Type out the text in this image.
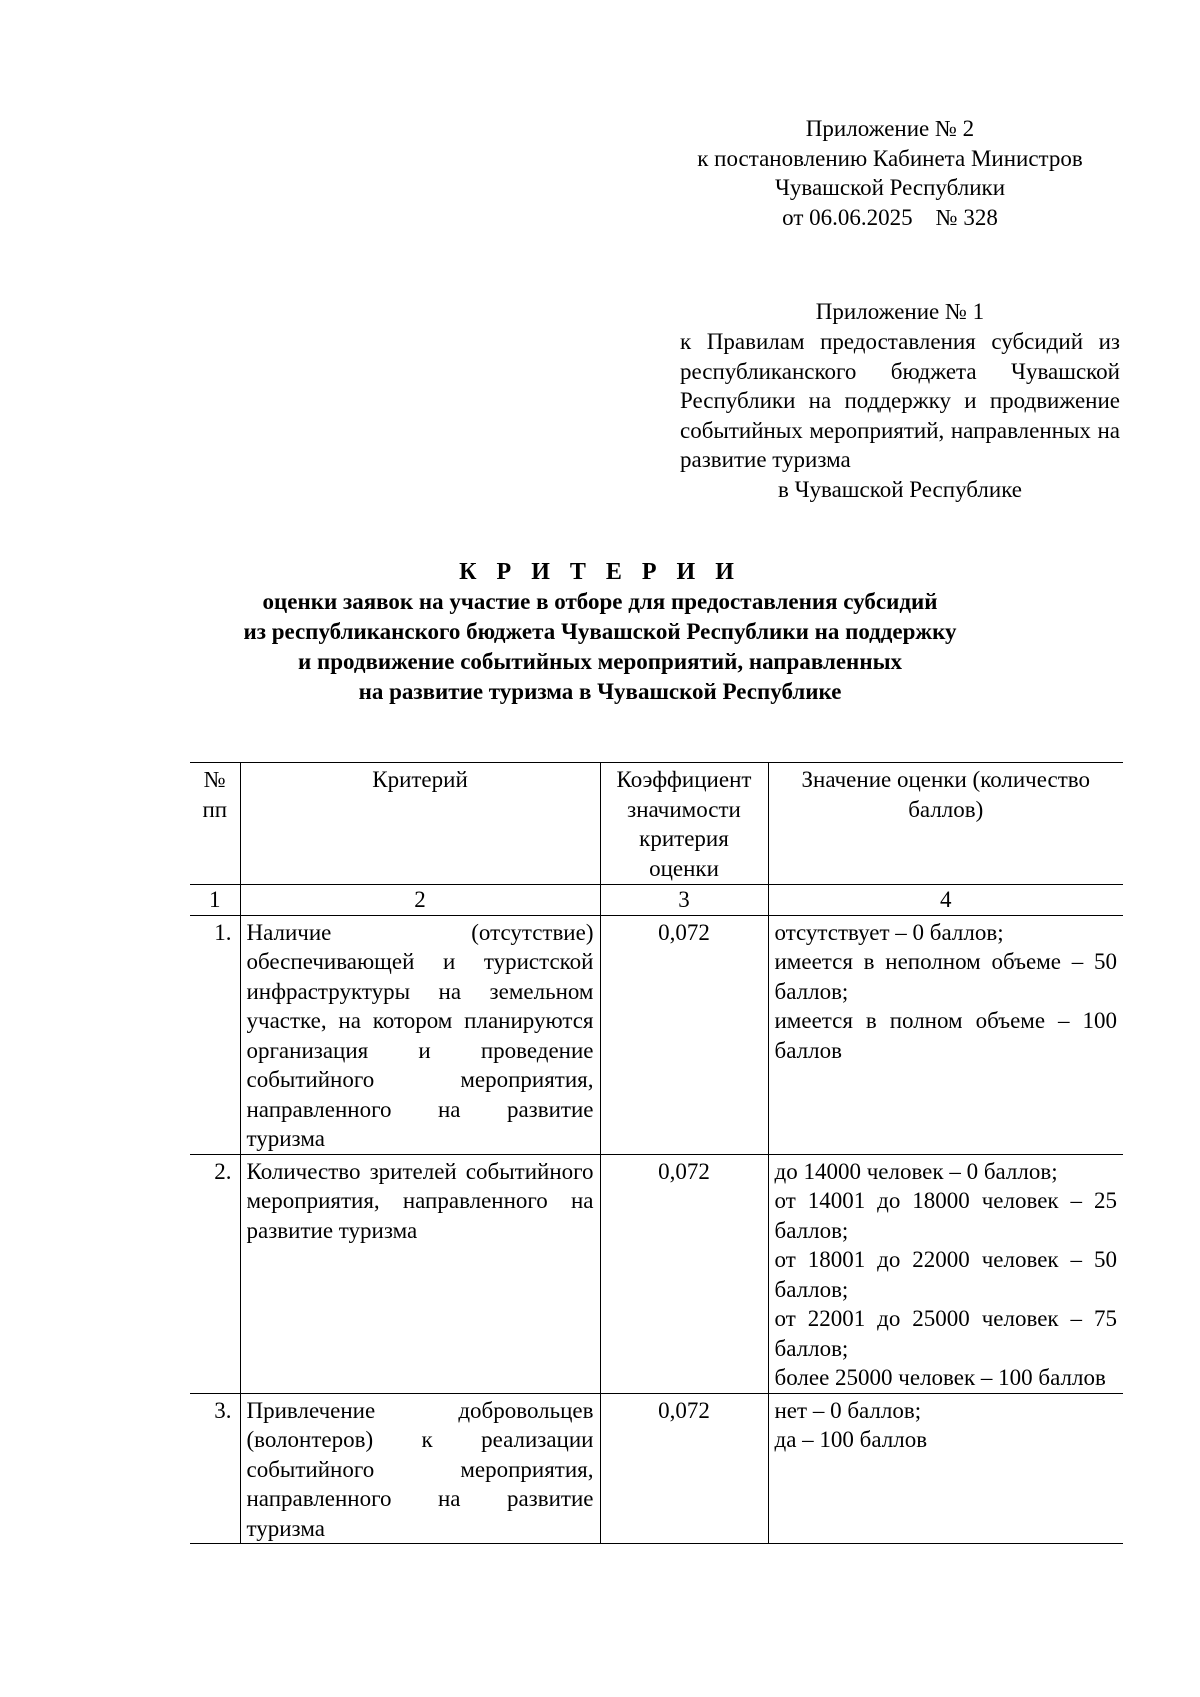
Приложение № 2
к постановлению Кабинета Министров
Чувашской Республики
от 06.06.2025    № 328
Приложение № 1
к Правилам предоставления субсидий из республиканского бюджета Чувашской Республики на поддержку и продвижение событийных мероприятий, направленных на развитие туризма
в Чувашской Республике
К Р И Т Е Р И И
оценки заявок на участие в отборе для предоставления субсидий
из республиканского бюджета Чувашской Республики на поддержку
и продвижение событийных мероприятий, направленных
на развитие туризма в Чувашской Республике
№ пп	Критерий	Коэффициент значимости критерия оценки	Значение оценки (количество баллов)
1	2	3	4
1.	Наличие (отсутствие) обеспечивающей и туристской инфраструктуры на земельном участке, на котором планируются организация и проведение событийного мероприятия, направленного на развитие туризма	0,072	отсутствует – 0 баллов;
имеется в неполном объеме – 50 баллов;
имеется в полном объеме – 100 баллов

2.	Количество зрителей событийного мероприятия, направленного на развитие туризма	0,072	до 14000 человек – 0 баллов;
от 14001 до 18000 человек – 25 баллов;
от 18001 до 22000 человек – 50 баллов;
от 22001 до 25000 человек – 75 баллов;
более 25000 человек – 100 баллов

3.	Привлечение добровольцев (волонтеров) к реализации событийного мероприятия, направленного на развитие туризма	0,072	нет – 0 баллов;
да – 100 баллов
